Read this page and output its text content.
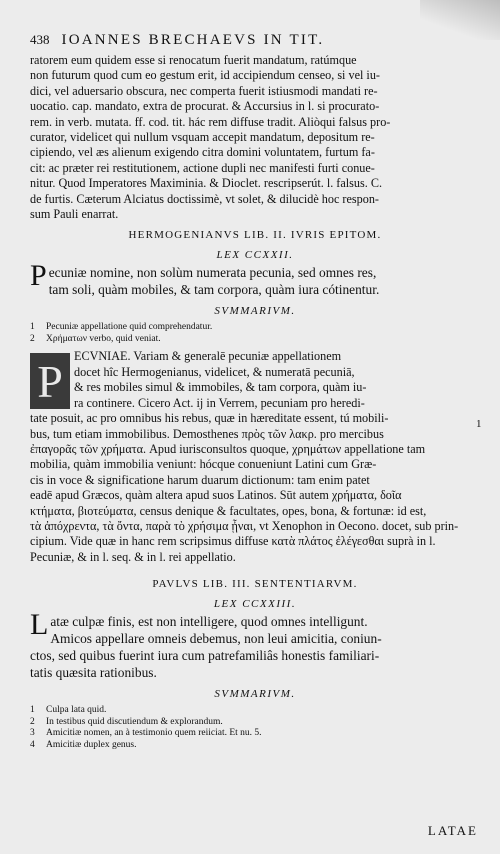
438 IOANNES BRECHAEVS IN TIT.

ratorem eum quidem esse si renocatum fuerit mandatum, ratúmque
non futurum quod cum eo gestum erit, id accipiendum censeo, si vel iu-
dici, vel aduersario obscura, nec comperta fuerit istiusmodi mandati re-
uocatio. cap. mandato, extra de procurat. & Accursius in l. si procurato-
rem. in verb. mutata. ff. cod. tit. hác rem diffuse tradit. Aliòqui falsus pro-
curator, videlicet qui nullum vsquam accepit mandatum, depositum re-
cipiendo, vel æs alienum exigendo citra domini voluntatem, furtum fa-
cit: ac præter rei restitutionem, actione dupli nec manifesti furti conue-
nitur. Quod Imperatores Maximinia. & Dioclet. rescripserút. l. falsus. C.
de furtis. Cæterum Alciatus doctissimè, vt solet, & dilucidè hoc respon-
sum Pauli enarrat.

HERMOGENIANVS LIB. II. IVRIS EPITOM.
LEX CCXXII.
P ecuniæ nomine, non solùm numerata pecunia, sed omnes res,
tam soli, quàm mobiles, & tam corpora, quàm iura cótinentur.
SVMMARIVM.
1	Pecuniæ appellatione quid comprehendatur.
2	Χρήματων verbo, quid veniat.
P ECVNIAE. Variam & generalē pecuniæ appellationem
docet hîc Hermogenianus, videlicet, & numeratā pecuniā,
& res mobiles simul & immobiles, & tam corpora, quàm iu-
ra continere. Cicero Act. ij in Verrem, pecuniam pro heredi-

tate posuit, ac pro omnibus his rebus, quæ in hæreditate essent, tú mobili-
bus, tum etiam immobilibus. Demosthenes πρὸς τῶν λακρ. pro mercibus
ἐπαγορᾶς τῶν χρήματα. Apud iurisconsultos quoque, χρημάτων appellatione tam
mobilia, quàm immobilia veniunt: hócque conueniunt Latini cum Græ-
cis in voce & significatione harum duarum dictionum: tam enim patet
eadē apud Græcos, quàm altera apud suos Latinos. Sūt autem χρήματα, δοῖα
κτήματα, βιοτεύματα, census denique & facultates, opes, bona, & fortunæ: id est,
τὰ ἀπόχρεντα, τὰ ὄντα, παρὰ τὸ χρήσιμα ᾖναι, vt Xenophon in Oecono. docet, sub prin-
cipium. Vide quæ in hanc rem scripsimus diffuse κατὰ πλάτος ἐλέγεσθαι suprà in l.
Pecuniæ, & in l. seq. & in l. rei appellatio.

PAVLVS LIB. III. SENTENTIARVM.
LEX CCXXIII.
L atæ culpæ finis, est non intelligere, quod omnes intelligunt.
Amicos appellare omneis debemus, non leui amicitia, coniun-
ctos, sed quibus fuerint iura cum patrefamiliâs honestis familiari-
tatis quæsita rationibus.
SVMMARIVM.
1	Culpa lata quid.
2	In testibus quid discutiendum & explorandum.
3	Amicitiæ nomen, an à testimonio quem reiiciat. Et nu. 5.
4	Amicitiæ duplex genus.
1
LATAE
